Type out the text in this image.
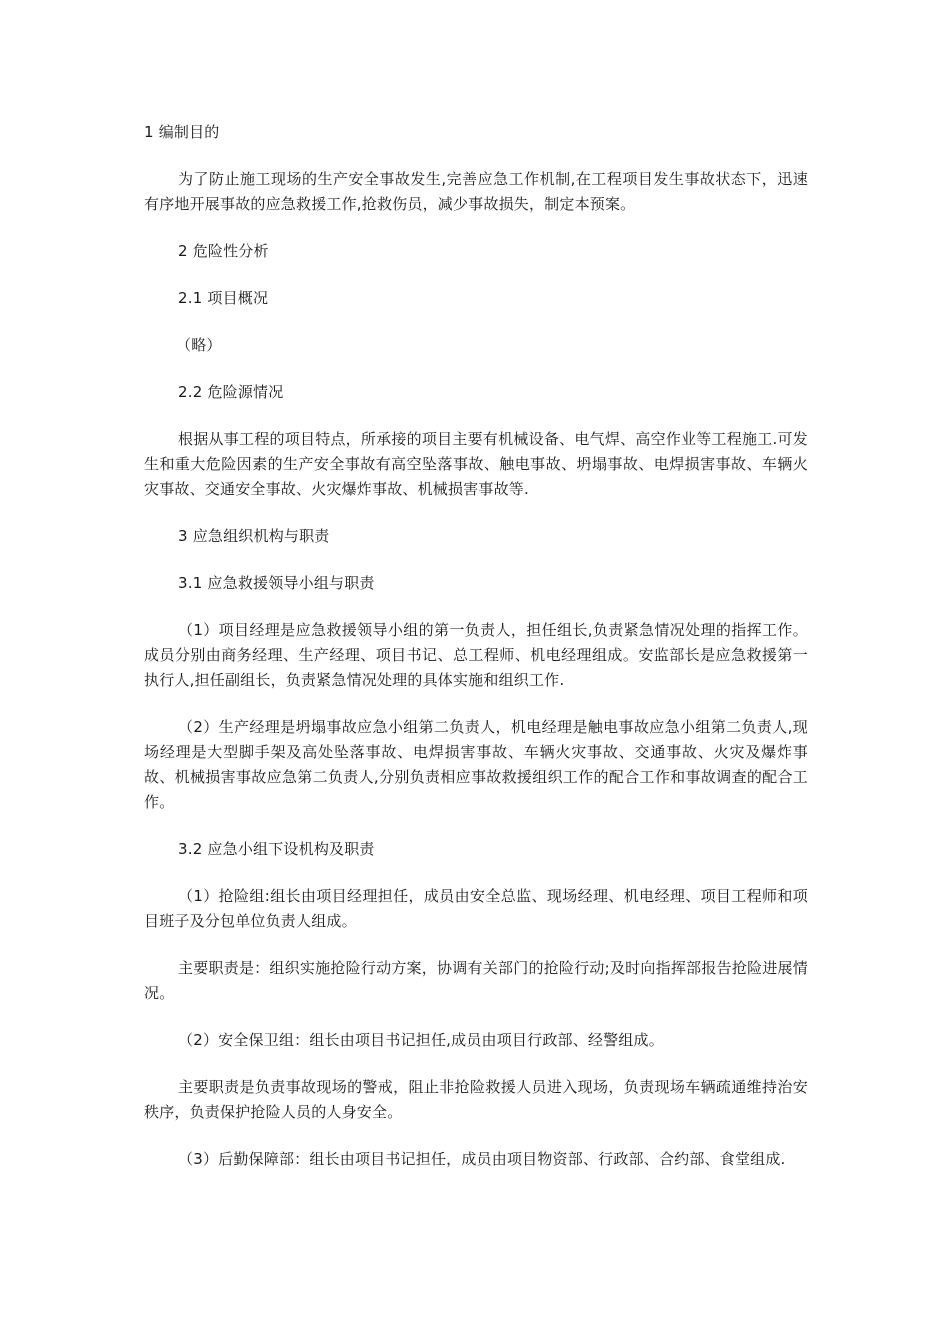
1 编制目的

为了防止施工现场的生产安全事故发生,完善应急工作机制,在工程项目发生事故状态下，迅速有序地开展事故的应急救援工作,抢救伤员，减少事故损失，制定本预案。

2 危险性分析

2.1 项目概况

（略）

2.2 危险源情况

根据从事工程的项目特点，所承接的项目主要有机械设备、电气焊、高空作业等工程施工.可发生和重大危险因素的生产安全事故有高空坠落事故、触电事故、坍塌事故、电焊损害事故、车辆火灾事故、交通安全事故、火灾爆炸事故、机械损害事故等.

3 应急组织机构与职责

3.1 应急救援领导小组与职责

（1）项目经理是应急救援领导小组的第一负责人，担任组长,负责紧急情况处理的指挥工作。成员分别由商务经理、生产经理、项目书记、总工程师、机电经理组成。安监部长是应急救援第一执行人,担任副组长，负责紧急情况处理的具体实施和组织工作.

（2）生产经理是坍塌事故应急小组第二负责人，机电经理是触电事故应急小组第二负责人,现场经理是大型脚手架及高处坠落事故、电焊损害事故、车辆火灾事故、交通事故、火灾及爆炸事故、机械损害事故应急第二负责人,分别负责相应事故救援组织工作的配合工作和事故调查的配合工作。

3.2 应急小组下设机构及职责

（1）抢险组:组长由项目经理担任，成员由安全总监、现场经理、机电经理、项目工程师和项目班子及分包单位负责人组成。

主要职责是：组织实施抢险行动方案，协调有关部门的抢险行动;及时向指挥部报告抢险进展情况。

（2）安全保卫组：组长由项目书记担任,成员由项目行政部、经警组成。

主要职责是负责事故现场的警戒，阻止非抢险救援人员进入现场，负责现场车辆疏通维持治安秩序，负责保护抢险人员的人身安全。

（3）后勤保障部：组长由项目书记担任，成员由项目物资部、行政部、合约部、食堂组成.
